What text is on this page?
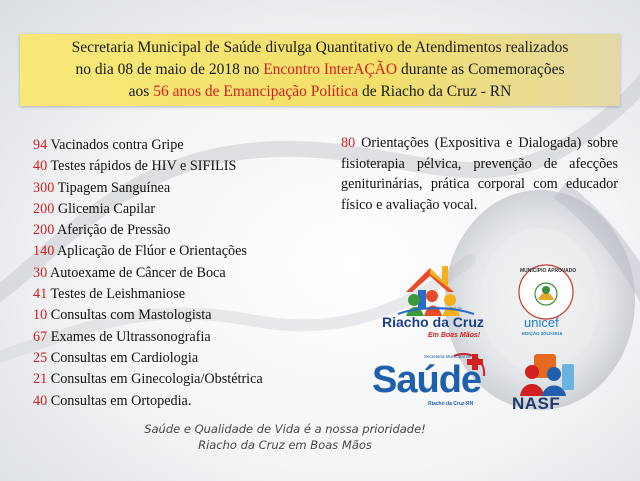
Secretaria Municipal de Saúde divulga Quantitativo de Atendimentos realizados
no dia 08 de maio de 2018 no Encontro InterAÇÃO durante as Comemorações
aos 56 anos de Emancipação Política de Riacho da Cruz - RN
94 Vacinados contra Gripe
40 Testes rápidos de HIV e SIFILIS
300 Tipagem Sanguínea
200 Glicemia Capilar
200 Aferição de Pressão
140 Aplicação de Flúor e Orientações
30 Autoexame de Câncer de Boca
41 Testes de Leishmaniose
10 Consultas com Mastologista
67 Exames de Ultrassonografia
25 Consultas em Cardiologia
21 Consultas em Ginecologia/Obstétrica
40 Consultas em Ortopedia.
80 Orientações (Expositiva e Dialogada) sobre fisioterapia pélvica, prevenção de afecções geniturinárias, prática corporal com educador físico e avaliação vocal.
Prefeitura Municipal de
Riacho da Cruz
Em Boas Mãos!
MUNICÍPIO APROVADO
unicef
EDIÇÃO 2013-2016
Secretaria Municipal de
Saúde
Riacho da Cruz-RN NASF
Saúde e Qualidade de Vida é a nossa prioridade!
Riacho da Cruz em Boas Mãos
